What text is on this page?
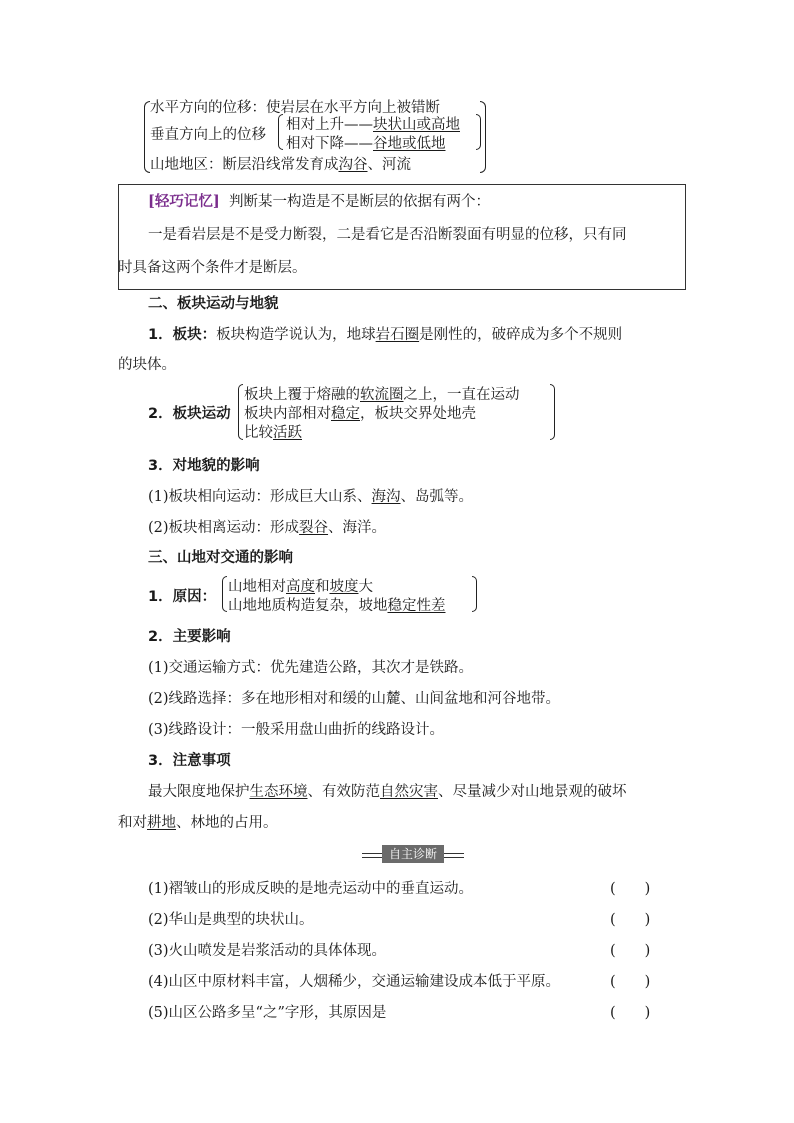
水平方向的位移：使岩层在水平方向上被错断
垂直方向上的位移
相对上升——块状山或高地
相对下降——谷地或低地
山地地区：断层沿线常发育成沟谷、河流
[轻巧记忆] 判断某一构造是不是断层的依据有两个：
一是看岩层是不是受力断裂，二是看它是否沿断裂面有明显的位移，只有同
时具备这两个条件才是断层。
二、板块运动与地貌
1．板块：板块构造学说认为，地球岩石圈是刚性的，破碎成为多个不规则
的块体。
2．板块运动
板块上覆于熔融的软流圈之上，一直在运动
板块内部相对稳定，板块交界处地壳
比较活跃
3．对地貌的影响
(1)板块相向运动：形成巨大山系、海沟、岛弧等。
(2)板块相离运动：形成裂谷、海洋。
三、山地对交通的影响
1．原因：
山地相对高度和坡度大
山地地质构造复杂，坡地稳定性差
2．主要影响
(1)交通运输方式：优先建造公路，其次才是铁路。
(2)线路选择：多在地形相对和缓的山麓、山间盆地和河谷地带。
(3)线路设计：一般采用盘山曲折的线路设计。
3．注意事项
最大限度地保护生态环境、有效防范自然灾害、尽量减少对山地景观的破坏
和对耕地、林地的占用。
自主诊断
(1)褶皱山的形成反映的是地壳运动中的垂直运动。	(　　)
(2)华山是典型的块状山。	(　　)
(3)火山喷发是岩浆活动的具体体现。	(　　)
(4)山区中原材料丰富，人烟稀少，交通运输建设成本低于平原。	(　　)
(5)山区公路多呈“之”字形，其原因是	(　　)
